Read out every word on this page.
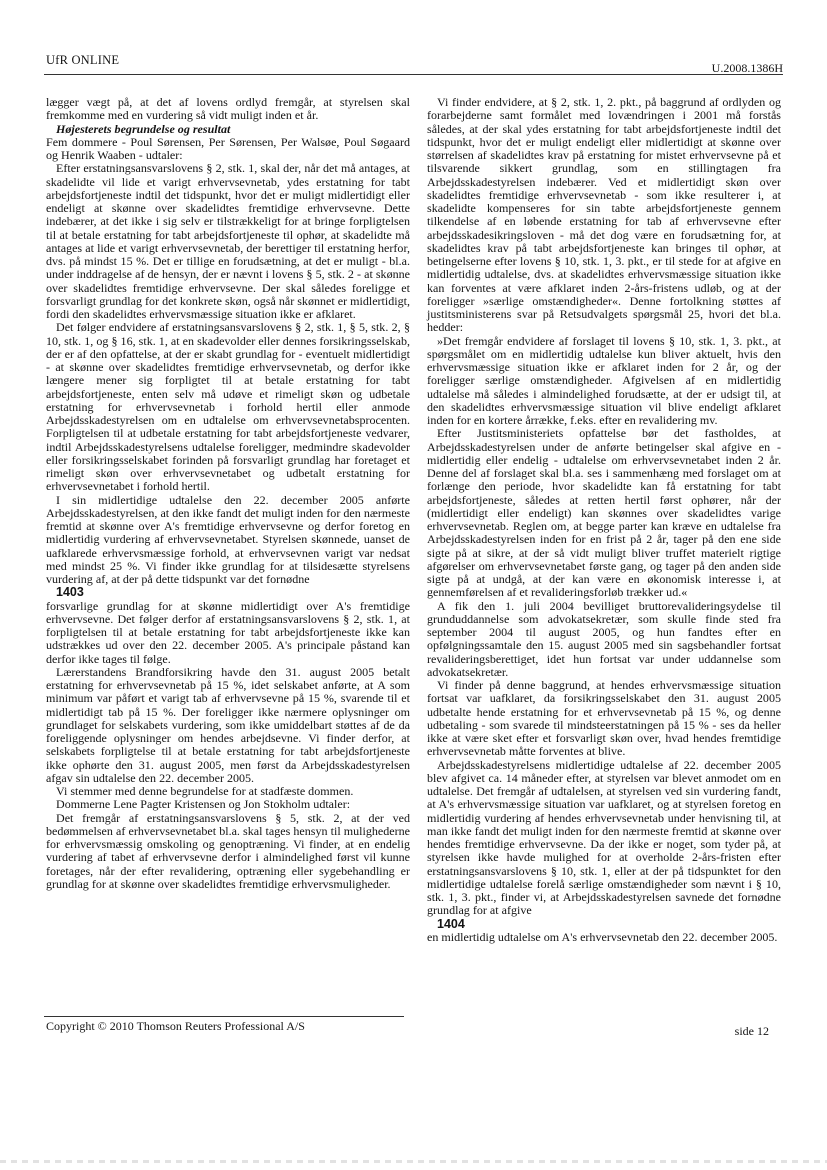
UfR ONLINE
U.2008.1386H

lægger vægt på, at det af lovens ordlyd fremgår, at styrelsen skal fremkomme med en vurdering så vidt muligt inden et år.

Højesterets begrundelse og resultat

Fem dommere - Poul Sørensen, Per Sørensen, Per Walsøe, Poul Søgaard og Henrik Waaben - udtaler:

Efter erstatningsansvarslovens § 2, stk. 1, skal der, når det må antages, at skadelidte vil lide et varigt erhvervsevnetab, ydes erstatning for tabt arbejdsfortjeneste indtil det tidspunkt, hvor det er muligt midlertidigt eller endeligt at skønne over skadelidtes fremtidige erhvervsevne. Dette indebærer, at det ikke i sig selv er tilstrækkeligt for at bringe forpligtelsen til at betale erstatning for tabt arbejdsfortjeneste til ophør, at skadelidte må antages at lide et varigt erhvervsevnetab, der berettiger til erstatning herfor, dvs. på mindst 15 %. Det er tillige en forudsætning, at det er muligt - bl.a. under inddragelse af de hensyn, der er nævnt i lovens § 5, stk. 2 - at skønne over skadelidtes fremtidige erhvervsevne. Der skal således foreligge et forsvarligt grundlag for det konkrete skøn, også når skønnet er midlertidigt, fordi den skadelidtes erhvervsmæssige situation ikke er afklaret.

Det følger endvidere af erstatningsansvarslovens § 2, stk. 1, § 5, stk. 2, § 10, stk. 1, og § 16, stk. 1, at en skadevolder eller dennes forsikringsselskab, der er af den opfattelse, at der er skabt grundlag for - eventuelt midlertidigt - at skønne over skadelidtes fremtidige erhvervsevnetab, og derfor ikke længere mener sig forpligtet til at betale erstatning for tabt arbejdsfortjeneste, enten selv må udøve et rimeligt skøn og udbetale erstatning for erhvervsevnetab i forhold hertil eller anmode Arbejdsskadestyrelsen om en udtalelse om erhvervsevnetabsprocenten. Forpligtelsen til at udbetale erstatning for tabt arbejdsfortjeneste vedvarer, indtil Arbejdsskadestyrelsens udtalelse foreligger, medmindre skadevolder eller forsikringsselskabet forinden på forsvarligt grundlag har foretaget et rimeligt skøn over erhvervsevnetabet og udbetalt erstatning for erhvervsevnetabet i forhold hertil.

I sin midlertidige udtalelse den 22. december 2005 anførte Arbejdsskadestyrelsen, at den ikke fandt det muligt inden for den nærmeste fremtid at skønne over A's fremtidige erhvervsevne og derfor foretog en midlertidig vurdering af erhvervsevnetabet. Styrelsen skønnede, uanset de uafklarede erhvervsmæssige forhold, at erhvervsevnen varigt var nedsat med mindst 25 %. Vi finder ikke grundlag for at tilsidesætte styrelsens vurdering af, at der på dette tidspunkt var det fornødne

1403

forsvarlige grundlag for at skønne midlertidigt over A's fremtidige erhvervsevne. Det følger derfor af erstatningsansvarslovens § 2, stk. 1, at forpligtelsen til at betale erstatning for tabt arbejdsfortjeneste ikke kan udstrækkes ud over den 22. december 2005. A's principale påstand kan derfor ikke tages til følge.

Lærerstandens Brandforsikring havde den 31. august 2005 betalt erstatning for erhvervsevnetab på 15 %, idet selskabet anførte, at A som minimum var påført et varigt tab af erhvervsevne på 15 %, svarende til et midlertidigt tab på 15 %. Der foreligger ikke nærmere oplysninger om grundlaget for selskabets vurdering, som ikke umiddelbart støttes af de da foreliggende oplysninger om hendes arbejdsevne. Vi finder derfor, at selskabets forpligtelse til at betale erstatning for tabt arbejdsfortjeneste ikke ophørte den 31. august 2005, men først da Arbejdsskadestyrelsen afgav sin udtalelse den 22. december 2005.

Vi stemmer med denne begrundelse for at stadfæste dommen.

Dommerne Lene Pagter Kristensen og Jon Stokholm udtaler:

Det fremgår af erstatningsansvarslovens § 5, stk. 2, at der ved bedømmelsen af erhvervsevnetabet bl.a. skal tages hensyn til mulighederne for erhvervsmæssig omskoling og genoptræning. Vi finder, at en endelig vurdering af tabet af erhvervsevne derfor i almindelighed først vil kunne foretages, når der efter revalidering, optræning eller sygebehandling er grundlag for at skønne over skadelidtes fremtidige erhvervsmuligheder.

Vi finder endvidere, at § 2, stk. 1, 2. pkt., på baggrund af ordlyden og forarbejderne samt formålet med lovændringen i 2001 må forstås således, at der skal ydes erstatning for tabt arbejdsfortjeneste indtil det tidspunkt, hvor det er muligt endeligt eller midlertidigt at skønne over størrelsen af skadelidtes krav på erstatning for mistet erhvervsevne på et tilsvarende sikkert grundlag, som en stillingtagen fra Arbejdsskadestyrelsen indebærer. Ved et midlertidigt skøn over skadelidtes fremtidige erhvervsevnetab - som ikke resulterer i, at skadelidte kompenseres for sin tabte arbejdsfortjeneste gennem tilkendelse af en løbende erstatning for tab af erhvervsevne efter arbejdsskadesikringsloven - må det dog være en forudsætning for, at skadelidtes krav på tabt arbejdsfortjeneste kan bringes til ophør, at betingelserne efter lovens § 10, stk. 1, 3. pkt., er til stede for at afgive en midlertidig udtalelse, dvs. at skadelidtes erhvervsmæssige situation ikke kan forventes at være afklaret inden 2-års-fristens udløb, og at der foreligger »særlige omstændigheder«. Denne fortolkning støttes af justitsministerens svar på Retsudvalgets spørgsmål 25, hvori det bl.a. hedder:

»Det fremgår endvidere af forslaget til lovens § 10, stk. 1, 3. pkt., at spørgsmålet om en midlertidig udtalelse kun bliver aktuelt, hvis den erhvervsmæssige situation ikke er afklaret inden for 2 år, og der foreligger særlige omstændigheder. Afgivelsen af en midlertidig udtalelse må således i almindelighed forudsætte, at der er udsigt til, at den skadelidtes erhvervsmæssige situation vil blive endeligt afklaret inden for en kortere årrække, f.eks. efter en revalidering mv.

Efter Justitsministeriets opfattelse bør det fastholdes, at Arbejdsskadestyrelsen under de anførte betingelser skal afgive en - midlertidig eller endelig - udtalelse om erhvervsevnetabet inden 2 år. Denne del af forslaget skal bl.a. ses i sammenhæng med forslaget om at forlænge den periode, hvor skadelidte kan få erstatning for tabt arbejdsfortjeneste, således at retten hertil først ophører, når der (midlertidigt eller endeligt) kan skønnes over skadelidtes varige erhvervsevnetab. Reglen om, at begge parter kan kræve en udtalelse fra Arbejdsskadestyrelsen inden for en frist på 2 år, tager på den ene side sigte på at sikre, at der så vidt muligt bliver truffet materielt rigtige afgørelser om erhvervsevnetabet første gang, og tager på den anden side sigte på at undgå, at der kan være en økonomisk interesse i, at gennemførelsen af et revalideringsforløb trækker ud.«

A fik den 1. juli 2004 bevilliget bruttorevalideringsydelse til grunduddannelse som advokatsekretær, som skulle finde sted fra september 2004 til august 2005, og hun fandtes efter en opfølgningssamtale den 15. august 2005 med sin sagsbehandler fortsat revalideringsberettiget, idet hun fortsat var under uddannelse som advokatsekretær.

Vi finder på denne baggrund, at hendes erhvervsmæssige situation fortsat var uafklaret, da forsikringsselskabet den 31. august 2005 udbetalte hende erstatning for et erhvervsevnetab på 15 %, og denne udbetaling - som svarede til mindsteerstatningen på 15 % - ses da heller ikke at være sket efter et forsvarligt skøn over, hvad hendes fremtidige erhvervsevnetab måtte forventes at blive.

Arbejdsskadestyrelsens midlertidige udtalelse af 22. december 2005 blev afgivet ca. 14 måneder efter, at styrelsen var blevet anmodet om en udtalelse. Det fremgår af udtalelsen, at styrelsen ved sin vurdering fandt, at A's erhvervsmæssige situation var uafklaret, og at styrelsen foretog en midlertidig vurdering af hendes erhvervsevnetab under henvisning til, at man ikke fandt det muligt inden for den nærmeste fremtid at skønne over hendes fremtidige erhvervsevne. Da der ikke er noget, som tyder på, at styrelsen ikke havde mulighed for at overholde 2-års-fristen efter erstatningsansvarslovens § 10, stk. 1, eller at der på tidspunktet for den midlertidige udtalelse forelå særlige omstændigheder som nævnt i § 10, stk. 1, 3. pkt., finder vi, at Arbejdsskadestyrelsen savnede det fornødne grundlag for at afgive

1404

en midlertidig udtalelse om A's erhvervsevnetab den 22. december 2005.

Copyright © 2010 Thomson Reuters Professional A/S	side 12
